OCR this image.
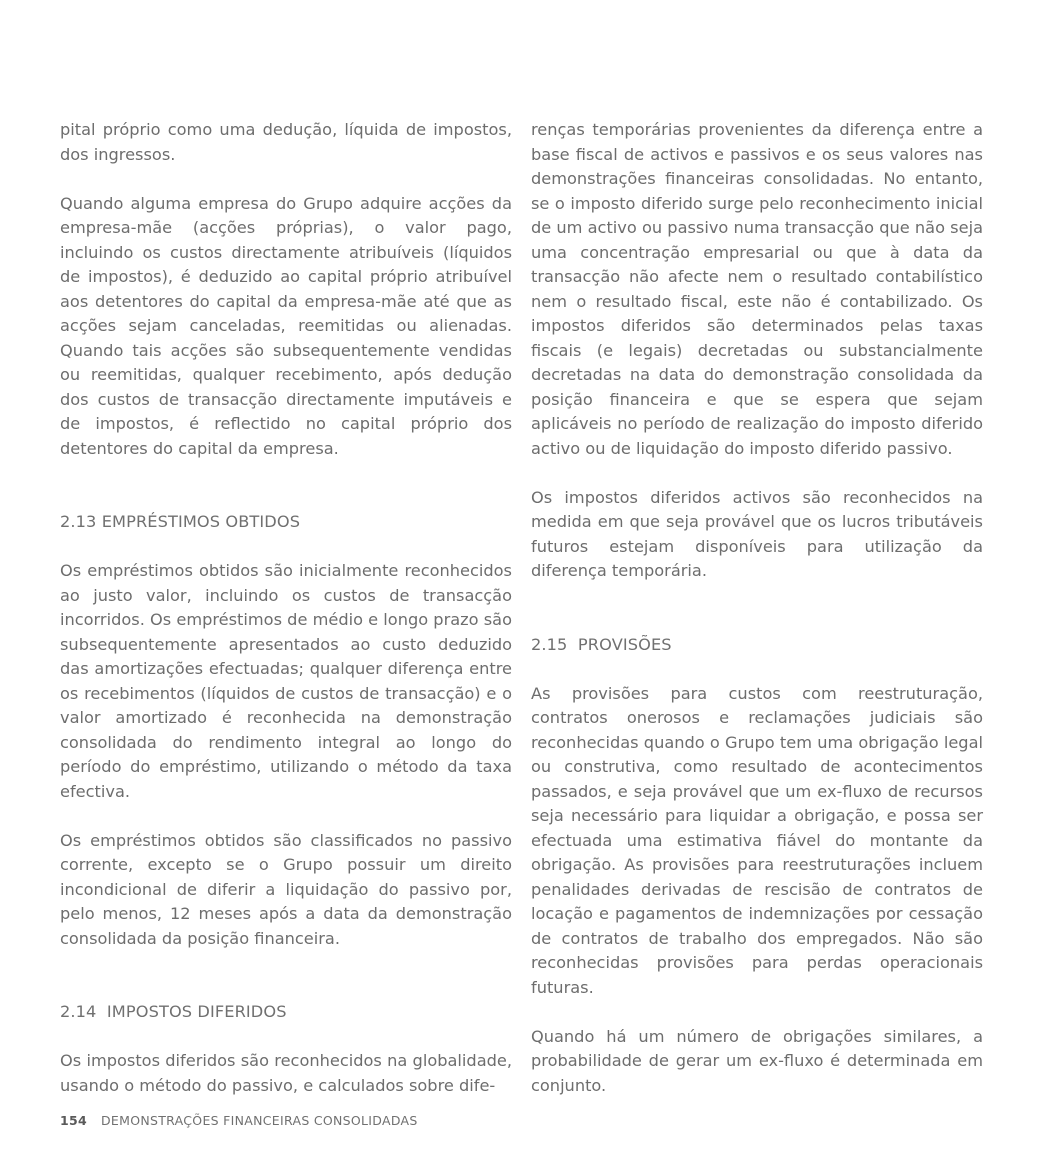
pital próprio como uma dedução, líquida de impostos, dos ingressos.

Quando alguma empresa do Grupo adquire acções da empresa-mãe (acções próprias), o valor pago, incluindo os custos directamente atribuíveis (líquidos de impostos), é deduzido ao capital próprio atribuível aos detentores do capital da empresa-mãe até que as acções sejam canceladas, reemitidas ou alienadas. Quando tais acções são subsequentemente vendidas ou reemitidas, qualquer recebimento, após dedução dos custos de transacção directamente imputáveis e de impostos, é reflectido no capital próprio dos detentores do capital da empresa.

2.13 EMPRÉSTIMOS OBTIDOS

Os empréstimos obtidos são inicialmente reconhecidos ao justo valor, incluindo os custos de transacção incorridos. Os empréstimos de médio e longo prazo são subsequentemente apresentados ao custo deduzido das amortizações efectuadas; qualquer diferença entre os recebimentos (líquidos de custos de transacção) e o valor amortizado é reconhecida na demonstração consolidada do rendimento integral ao longo do período do empréstimo, utilizando o método da taxa efectiva.

Os empréstimos obtidos são classificados no passivo corrente, excepto se o Grupo possuir um direito incondicional de diferir a liquidação do passivo por, pelo menos, 12 meses após a data da demonstração consolidada da posição financeira.

2.14  IMPOSTOS DIFERIDOS

Os impostos diferidos são reconhecidos na globalidade, usando o método do passivo, e calculados sobre dife-

renças temporárias provenientes da diferença entre a base fiscal de activos e passivos e os seus valores nas demonstrações financeiras consolidadas. No entanto, se o imposto diferido surge pelo reconhecimento inicial de um activo ou passivo numa transacção que não seja uma concentração empresarial ou que à data da transacção não afecte nem o resultado contabilístico nem o resultado fiscal, este não é contabilizado. Os impostos diferidos são determinados pelas taxas fiscais (e legais) decretadas ou substancialmente decretadas na data do demonstração consolidada da posição financeira e que se espera que sejam aplicáveis no período de realização do imposto diferido activo ou de liquidação do imposto diferido passivo.

Os impostos diferidos activos são reconhecidos na medida em que seja provável que os lucros tributáveis futuros estejam disponíveis para utilização da diferença temporária.

2.15  PROVISÕES

As provisões para custos com reestruturação, contratos onerosos e reclamações judiciais são reconhecidas quando o Grupo tem uma obrigação legal ou construtiva, como resultado de acontecimentos passados, e seja provável que um ex-fluxo de recursos seja necessário para liquidar a obrigação, e possa ser efectuada uma estimativa fiável do montante da obrigação. As provisões para reestruturações incluem penalidades derivadas de rescisão de contratos de locação e pagamentos de indemnizações por cessação de contratos de trabalho dos empregados. Não são reconhecidas provisões para perdas operacionais futuras.

Quando há um número de obrigações similares, a probabilidade de gerar um ex-fluxo é determinada em conjunto.

154 DEMONSTRAÇÕES FINANCEIRAS CONSOLIDADAS
